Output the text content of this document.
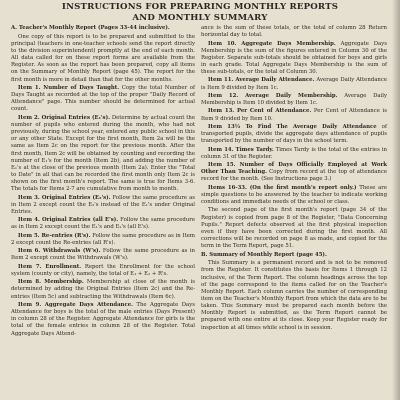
INSTRUCTIONS FOR PREPARING MONTHLY REPORTS

AND MONTHLY SUMMARY

A. Teacher's Monthly Report (Pages 33-44 inclusive).

One copy of this report is to be prepared and submitted to the principal (teachers in one-teacher schools send the report directly to the division superintendent) promptly at the end of each month. All data called for on these report forms are available from the Register. As soon as the report has been prepared, copy all items on the Summary of Monthly Report (page 45). The report for the first month is more in detail than that for the other months.

Item 1. Number of Days Taught. Copy the total Number of Days Taught as recorded at the top of the proper "Daily Record of Attendance" page. This number should be determined for actual count.

Item 2. Original Entries (E₁'s). Determine by actual count the number of pupils who entered during the month, who had not previously, during the school year, entered any public school in this or any other State. Except for the first month, Item 2a will be the same as Item 2c on the report for the previous month. After the first month, Item 2c will be obtained by counting and recording the number of E₁'s for the month (Item 2b), and adding the number of E₁'s at the close of the previous month (Item 2a). Enter the "Total to Date" in all that can be recorded the first month only Item 2c is shown on the first month's report. The same is true for Items 3-6. The totals for Items 2-7 are cumulative from month to month.

Item 3. Original Entries (E₂'s). Follow the same procedure as in Item 2 except count the E₂'s instead of the E₁'s under Original Entries.

Item 4. Original Entries (all E's). Follow the same procedure as in Item 2 except count the E₁'s and E₂'s (all E's).

Item 5. Re-entries (R's). Follow the same procedure as in Item 2 except count the Re-entries (all R's).

Item 6. Withdrawals (W's). Follow the same procedure as in Item 2 except count the Withdrawals (W's).

Item 7. Enrollment. Report the Enrollment for the school system (county or city), namely, the total of E₁ + E₂ + R's.

Item 8. Membership. Membership at close of the month is determined by adding the Original Entries (Item 2c) and the Re-entries (Item 5c) and subtracting the Withdrawals (Item 6c).

Item 9. Aggregate Days Attendance. The Aggregate Days Attendance for boys is the total of the male entries (Days Present) in column 28 of the Register. Aggregate Attendance for girls is the total of the female entries in column 28 of the Register. Total Aggregate Days Attend-

ance is the sum of these totals, or the total of column 28 Return horizontal day to total.

Item 10. Aggregate Days Membership. Aggregate Days Membership is the sum of the figures entered in Column 30 of the Register. Separate sub-totals should be obtained for boys and girls in each grade. Total Aggregate Days Membership is the sum of these sub-totals, or the total of Column 30.

Item 11. Average Daily Attendance. Average Daily Attendance is Item 9 divided by Item 1c.

Item 12. Average Daily Membership. Average Daily Membership is Item 10 divided by Item 1c.

Item 13. Per Cent of Attendance. Per Cent of Attendance is Item 9 divided by Item 10.

Item 13½ To Find The Average Daily Attendance of transported pupils, divide the aggregate days attendance of pupils transported by the number of days in the school term.

Item 14. Times Tardy. Times Tardy is the total of the entries in column 31 of the Register.

Item 15. Number of Days Officially Employed at Work Other Than Teaching. Copy from record at the top of attendance record for the month. (See Instructions page 3.)

Items 16-33. (On the first month's report only.) These are simple questions to be answered by the teacher to indicate working conditions and immediate needs of the school or class.

The second page of the first month's report (page 34 of the Register) is copied from page 8 of the Register, "Data Concerning Pupils." Report defects observed at the first physical inspection even if they have been corrected during the first month. All corrections will be recorded on page 8 as made, and copied for the term in the Term Report, page 51.

B. Summary of Monthly Report (page 45).

This Summary is a permanent record and is not to be removed from the Register. It constitutes the basis for Items 1 through 12 inclusive, of the Term Report. The column headings across the top of the page correspond to the items called for on the Teacher's Monthly Report. Each column carries the number of corresponding item on the Teacher's Monthly Report from which the data are to be taken. This Summary must be prepared each month before the Monthly Report is submitted, as the Term Report cannot be prepared with one entire at its close. Keep your Register ready for inspection at all times while school is in session.
